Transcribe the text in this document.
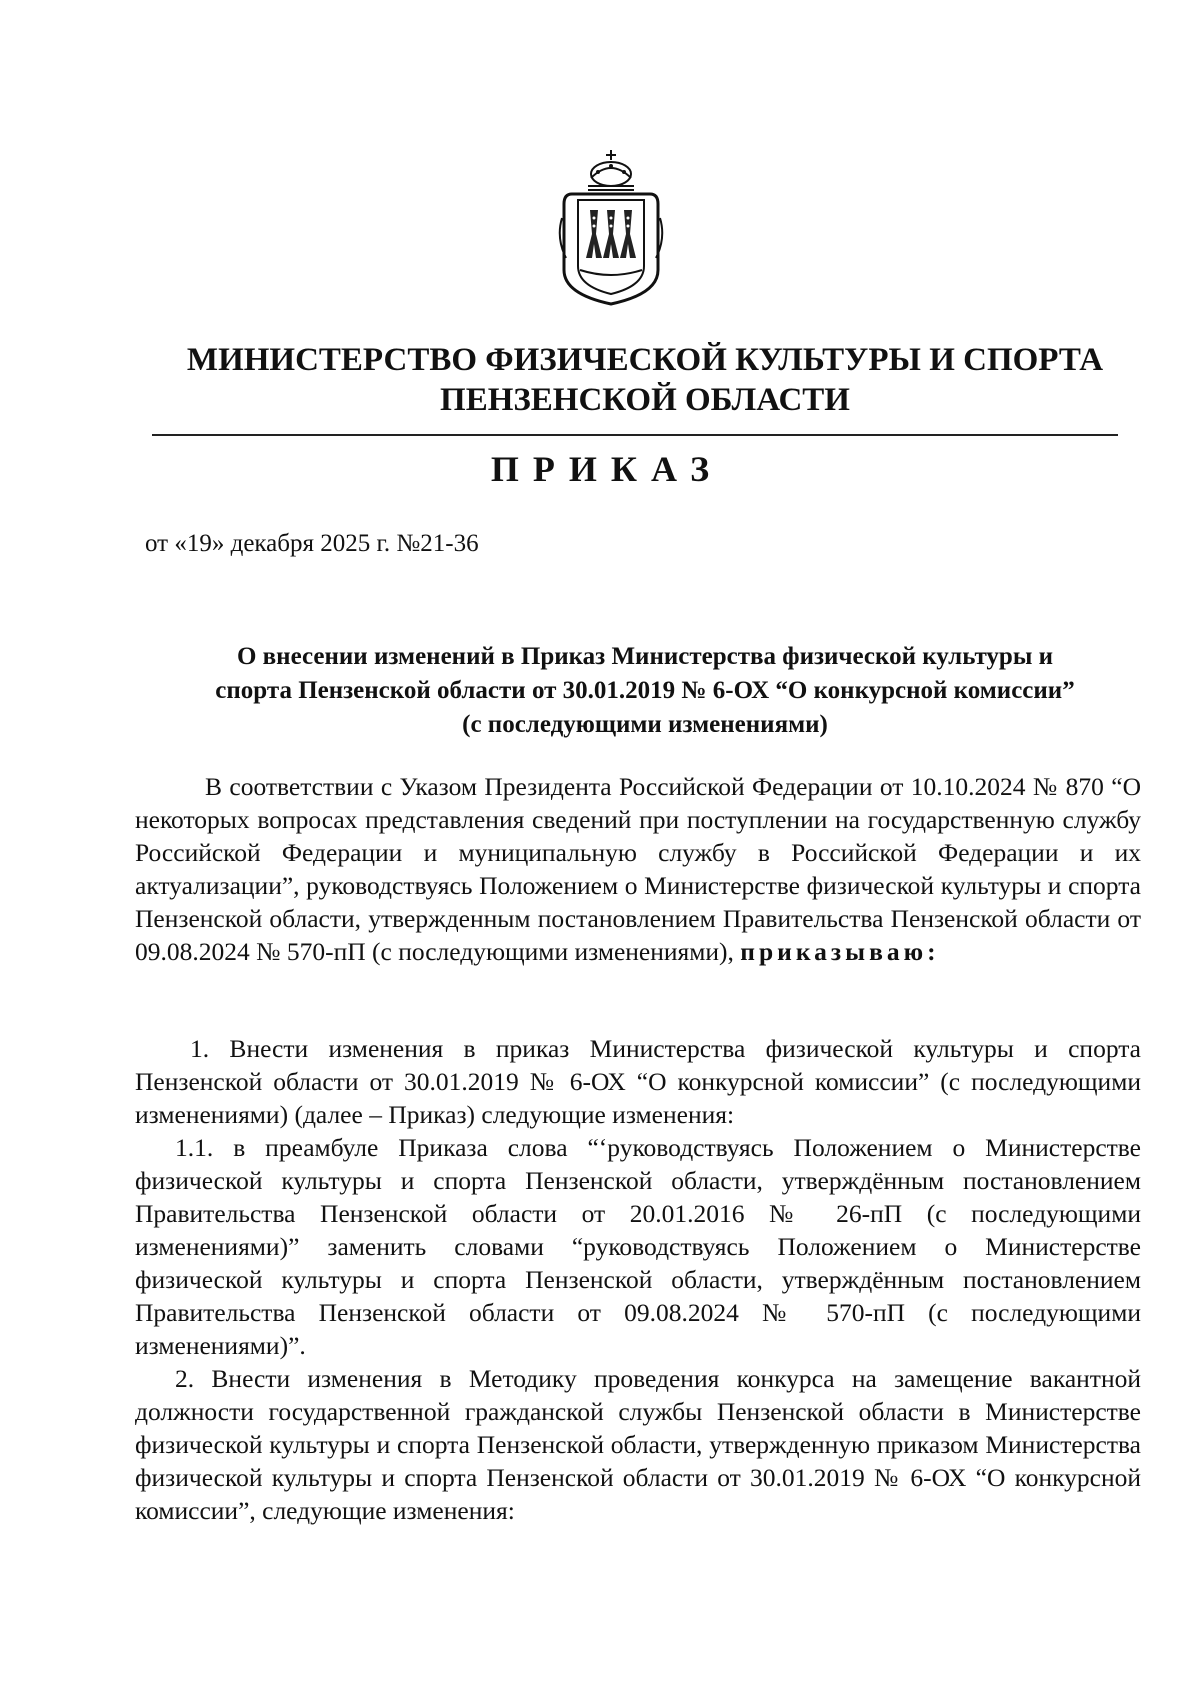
МИНИСТЕРСТВО ФИЗИЧЕСКОЙ КУЛЬТУРЫ И СПОРТА
ПЕНЗЕНСКОЙ ОБЛАСТИ
ПРИКАЗ
от «19» декабря 2025 г. №21-36
О внесении изменений в Приказ Министерства физической культуры и
спорта Пензенской области от 30.01.2019 № 6-ОХ “О конкурсной комиссии”
(с последующими изменениями)

В соответствии с Указом Президента Российской Федерации от 10.10.2024 № 870 “О некоторых вопросах представления сведений при поступлении на государственную службу Российской Федерации и муниципальную службу в Российской Федерации и их актуализации”, руководствуясь Положением о Министерстве физической культуры и спорта Пензенской области, утвержденным постановлением Правительства Пензенской области от 09.08.2024 № 570-пП (с последующими изменениями), приказываю:

1. Внести изменения в приказ Министерства физической культуры и спорта Пензенской области от 30.01.2019 № 6-ОХ “О конкурсной комиссии” (с последующими изменениями) (далее – Приказ) следующие изменения:

1.1. в преамбуле Приказа слова “‘руководствуясь Положением о Министерстве физической культуры и спорта Пензенской области, утверждённым постановлением Правительства Пензенской области от 20.01.2016 № 26-пП (с последующими изменениями)” заменить словами “руководствуясь Положением о Министерстве физической культуры и спорта Пензенской области, утверждённым постановлением Правительства Пензенской области от 09.08.2024 № 570-пП (с последующими изменениями)”.

2. Внести изменения в Методику проведения конкурса на замещение вакантной должности государственной гражданской службы Пензенской области в Министерстве физической культуры и спорта Пензенской области, утвержденную приказом Министерства физической культуры и спорта Пензенской области от 30.01.2019 № 6-ОХ “О конкурсной комиссии”, следующие изменения:
